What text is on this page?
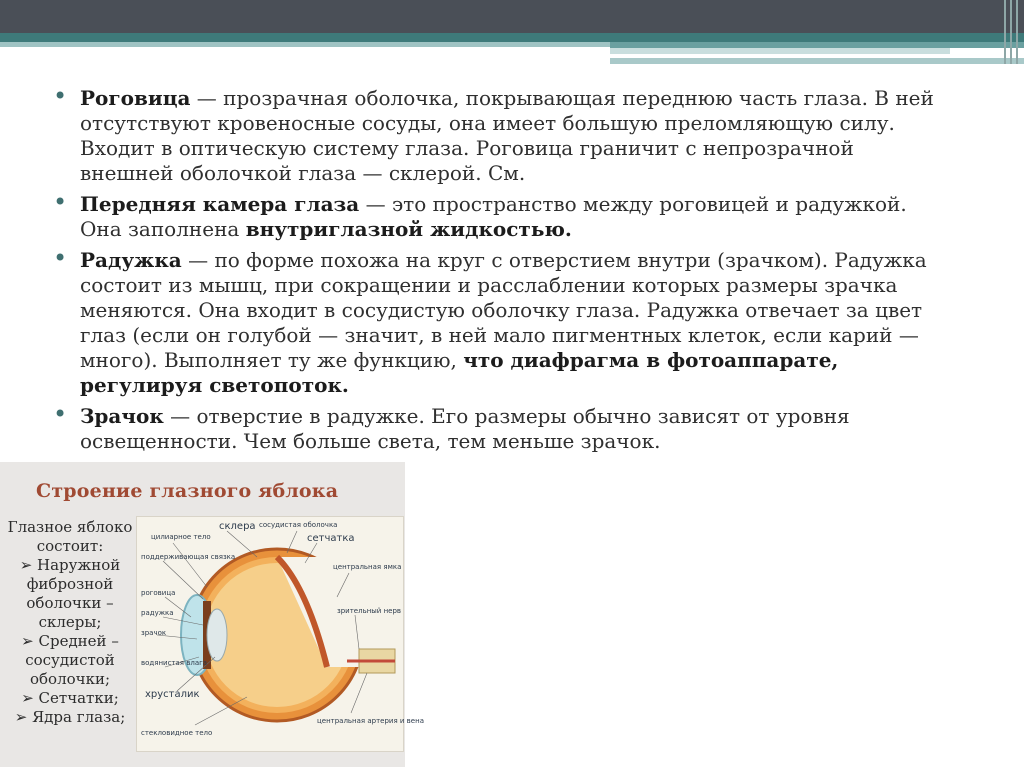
• Роговица — прозрачная оболочка, покрывающая переднюю часть глаза. В ней отсутствуют кровеносные сосуды, она имеет большую преломляющую силу. Входит в оптическую систему глаза. Роговица граничит с непрозрачной внешней оболочкой глаза — склерой. См.
• Передняя камера глаза — это пространство между роговицей и радужкой. Она заполнена внутриглазной жидкостью.
• Радужка — по форме похожа на круг с отверстием внутри (зрачком). Радужка состоит из мышц, при сокращении и расслаблении которых размеры зрачка меняются. Она входит в сосудистую оболочку глаза. Радужка отвечает за цвет глаз (если он голубой — значит, в ней мало пигментных клеток, если карий — много). Выполняет ту же функцию, что диафрагма в фотоаппарате, регулируя светопоток.
• Зрачок — отверстие в радужке. Его размеры обычно зависят от уровня освещенности. Чем больше света, тем меньше зрачок.
Строение глазного яблока
Глазное яблоко состоит:
➢ Наружной фиброзной оболочки – склеры;
➢ Средней – сосудистой оболочки;
➢ Сетчатки;
➢ Ядра глаза;
склера сосудистая оболочка
сетчатка
цилиарное тело
поддерживающая связка
роговица
радужка
зрачок
водянистая влага
хрусталик
стекловидное тело
центральная ямка
зрительный нерв
центральная артерия и вена
